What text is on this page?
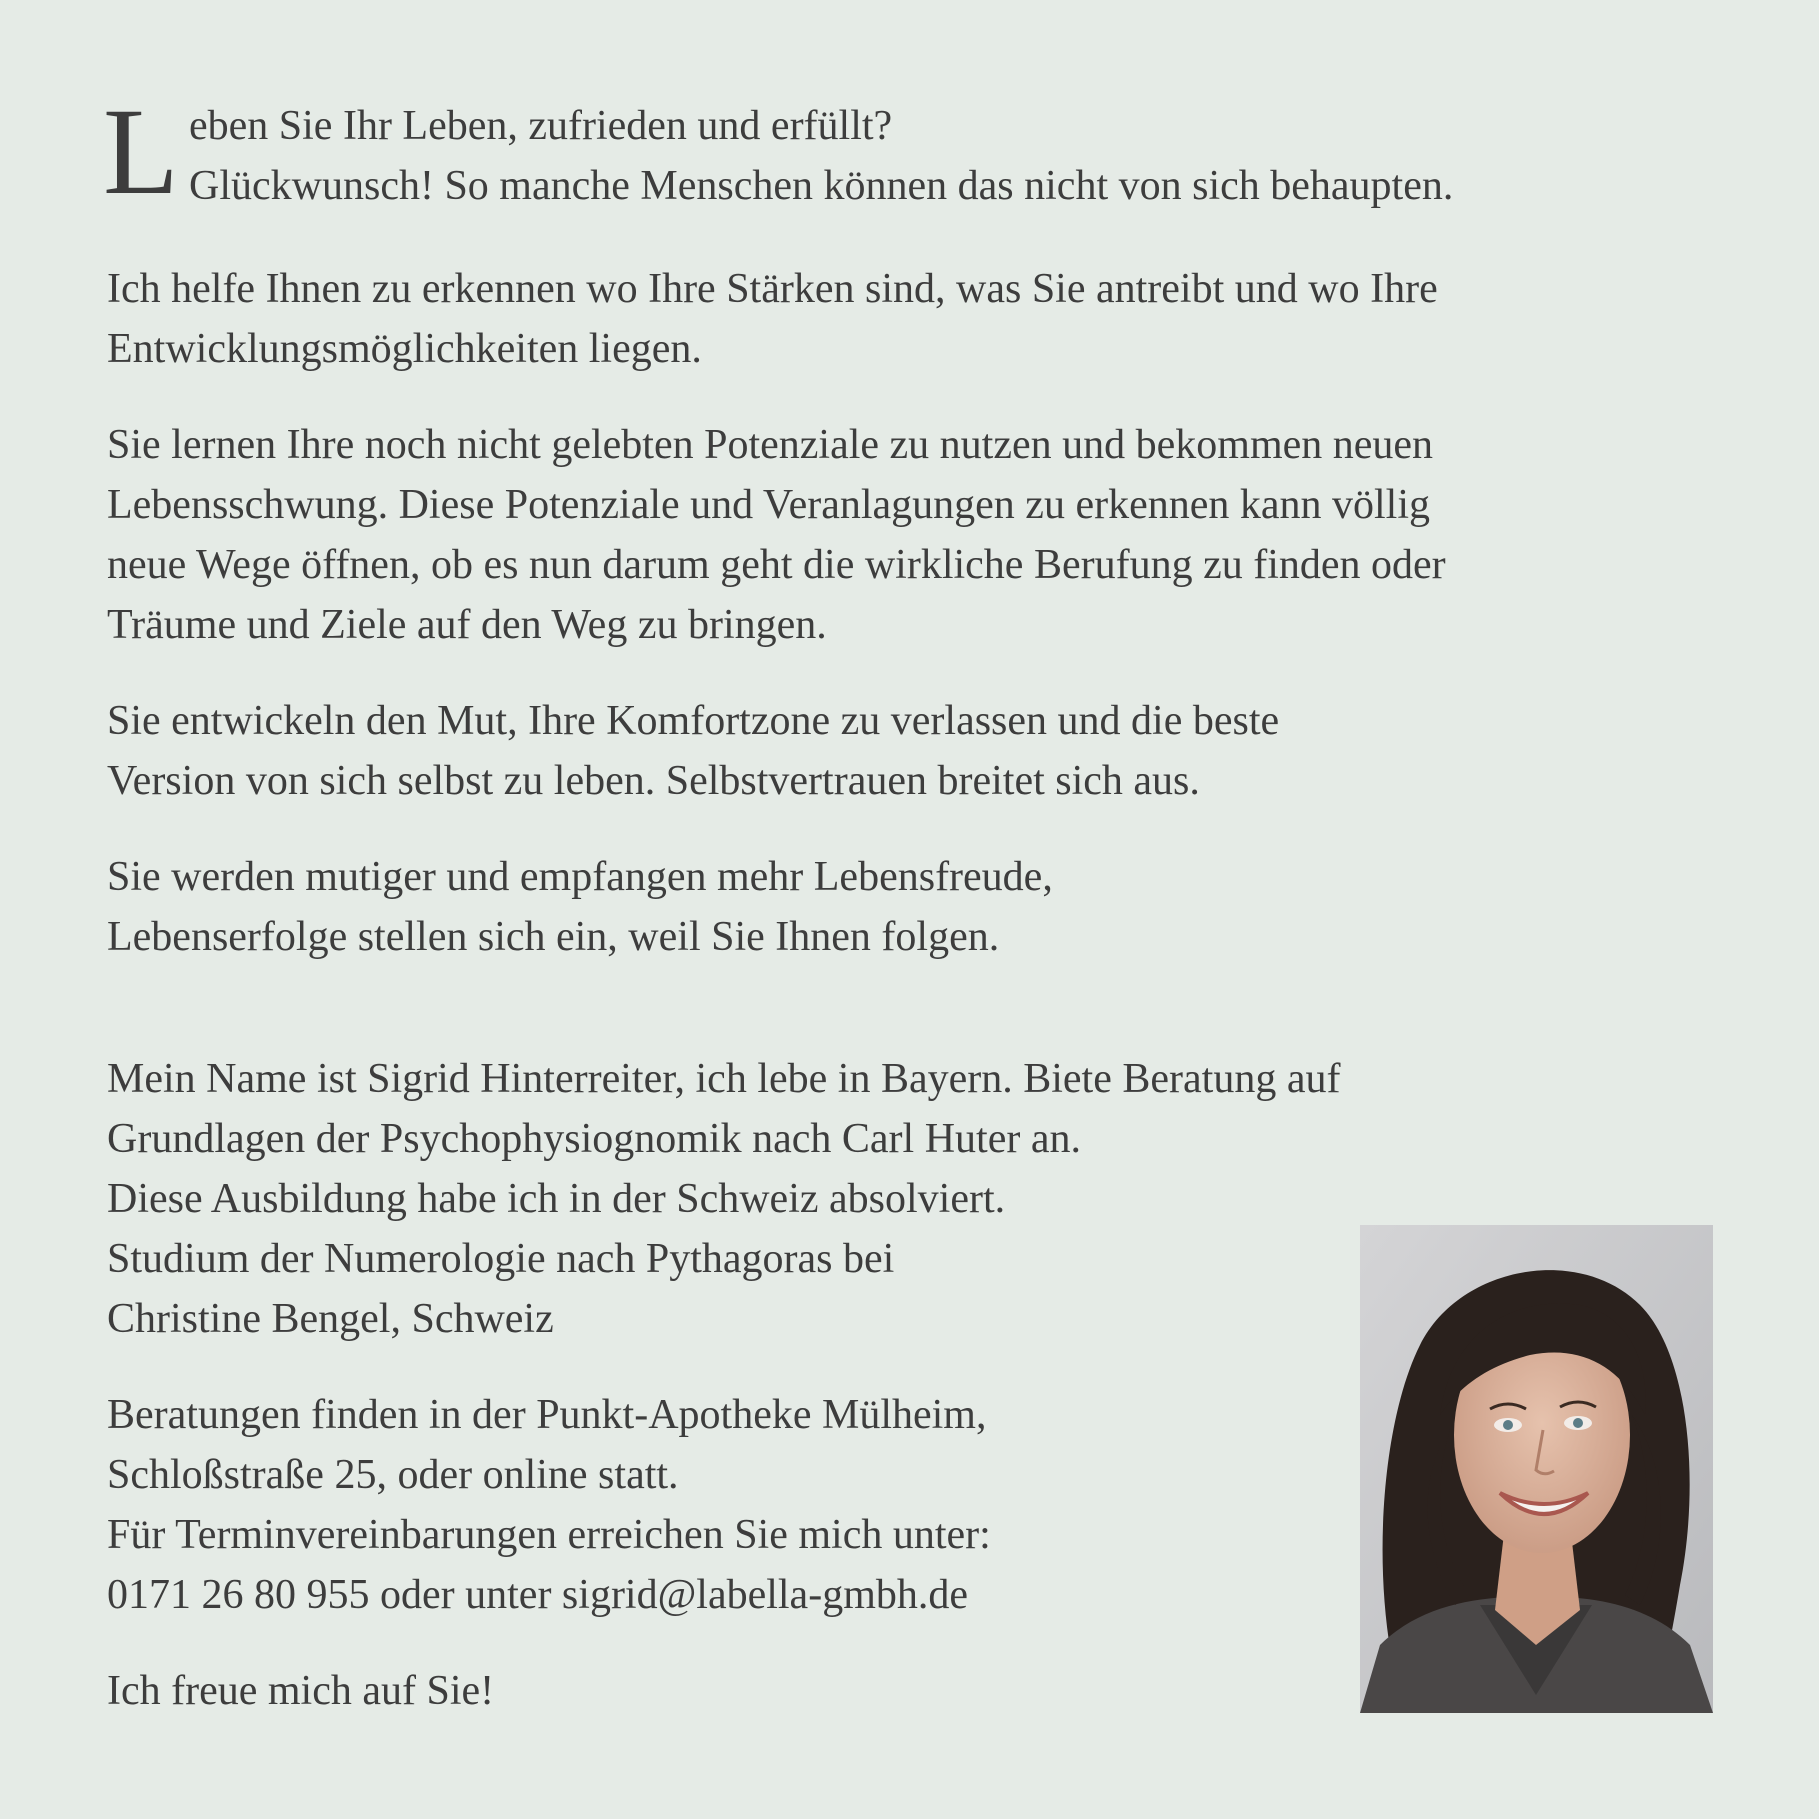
L eben Sie Ihr Leben, zufrieden und erfüllt?
Glückwunsch! So manche Menschen können das nicht von sich behaupten.

Ich helfe Ihnen zu erkennen wo Ihre Stärken sind, was Sie antreibt und wo Ihre
Entwicklungsmöglichkeiten liegen.

Sie lernen Ihre noch nicht gelebten Potenziale zu nutzen und bekommen neuen
Lebensschwung. Diese Potenziale und Veranlagungen zu erkennen kann völlig
neue Wege öffnen, ob es nun darum geht die wirkliche Berufung zu finden oder
Träume und Ziele auf den Weg zu bringen.

Sie entwickeln den Mut, Ihre Komfortzone zu verlassen und die beste
Version von sich selbst zu leben. Selbstvertrauen breitet sich aus.

Sie werden mutiger und empfangen mehr Lebensfreude,
Lebenserfolge stellen sich ein, weil Sie Ihnen folgen.

Mein Name ist Sigrid Hinterreiter, ich lebe in Bayern. Biete Beratung auf
Grundlagen der Psychophysiognomik nach Carl Huter an.
Diese Ausbildung habe ich in der Schweiz absolviert.
Studium der Numerologie nach Pythagoras bei
Christine Bengel, Schweiz

Beratungen finden in der Punkt-Apotheke Mülheim,
Schloßstraße 25, oder online statt.
Für Terminvereinbarungen erreichen Sie mich unter:
0171 26 80 955 oder unter sigrid@labella-gmbh.de

Ich freue mich auf Sie!
